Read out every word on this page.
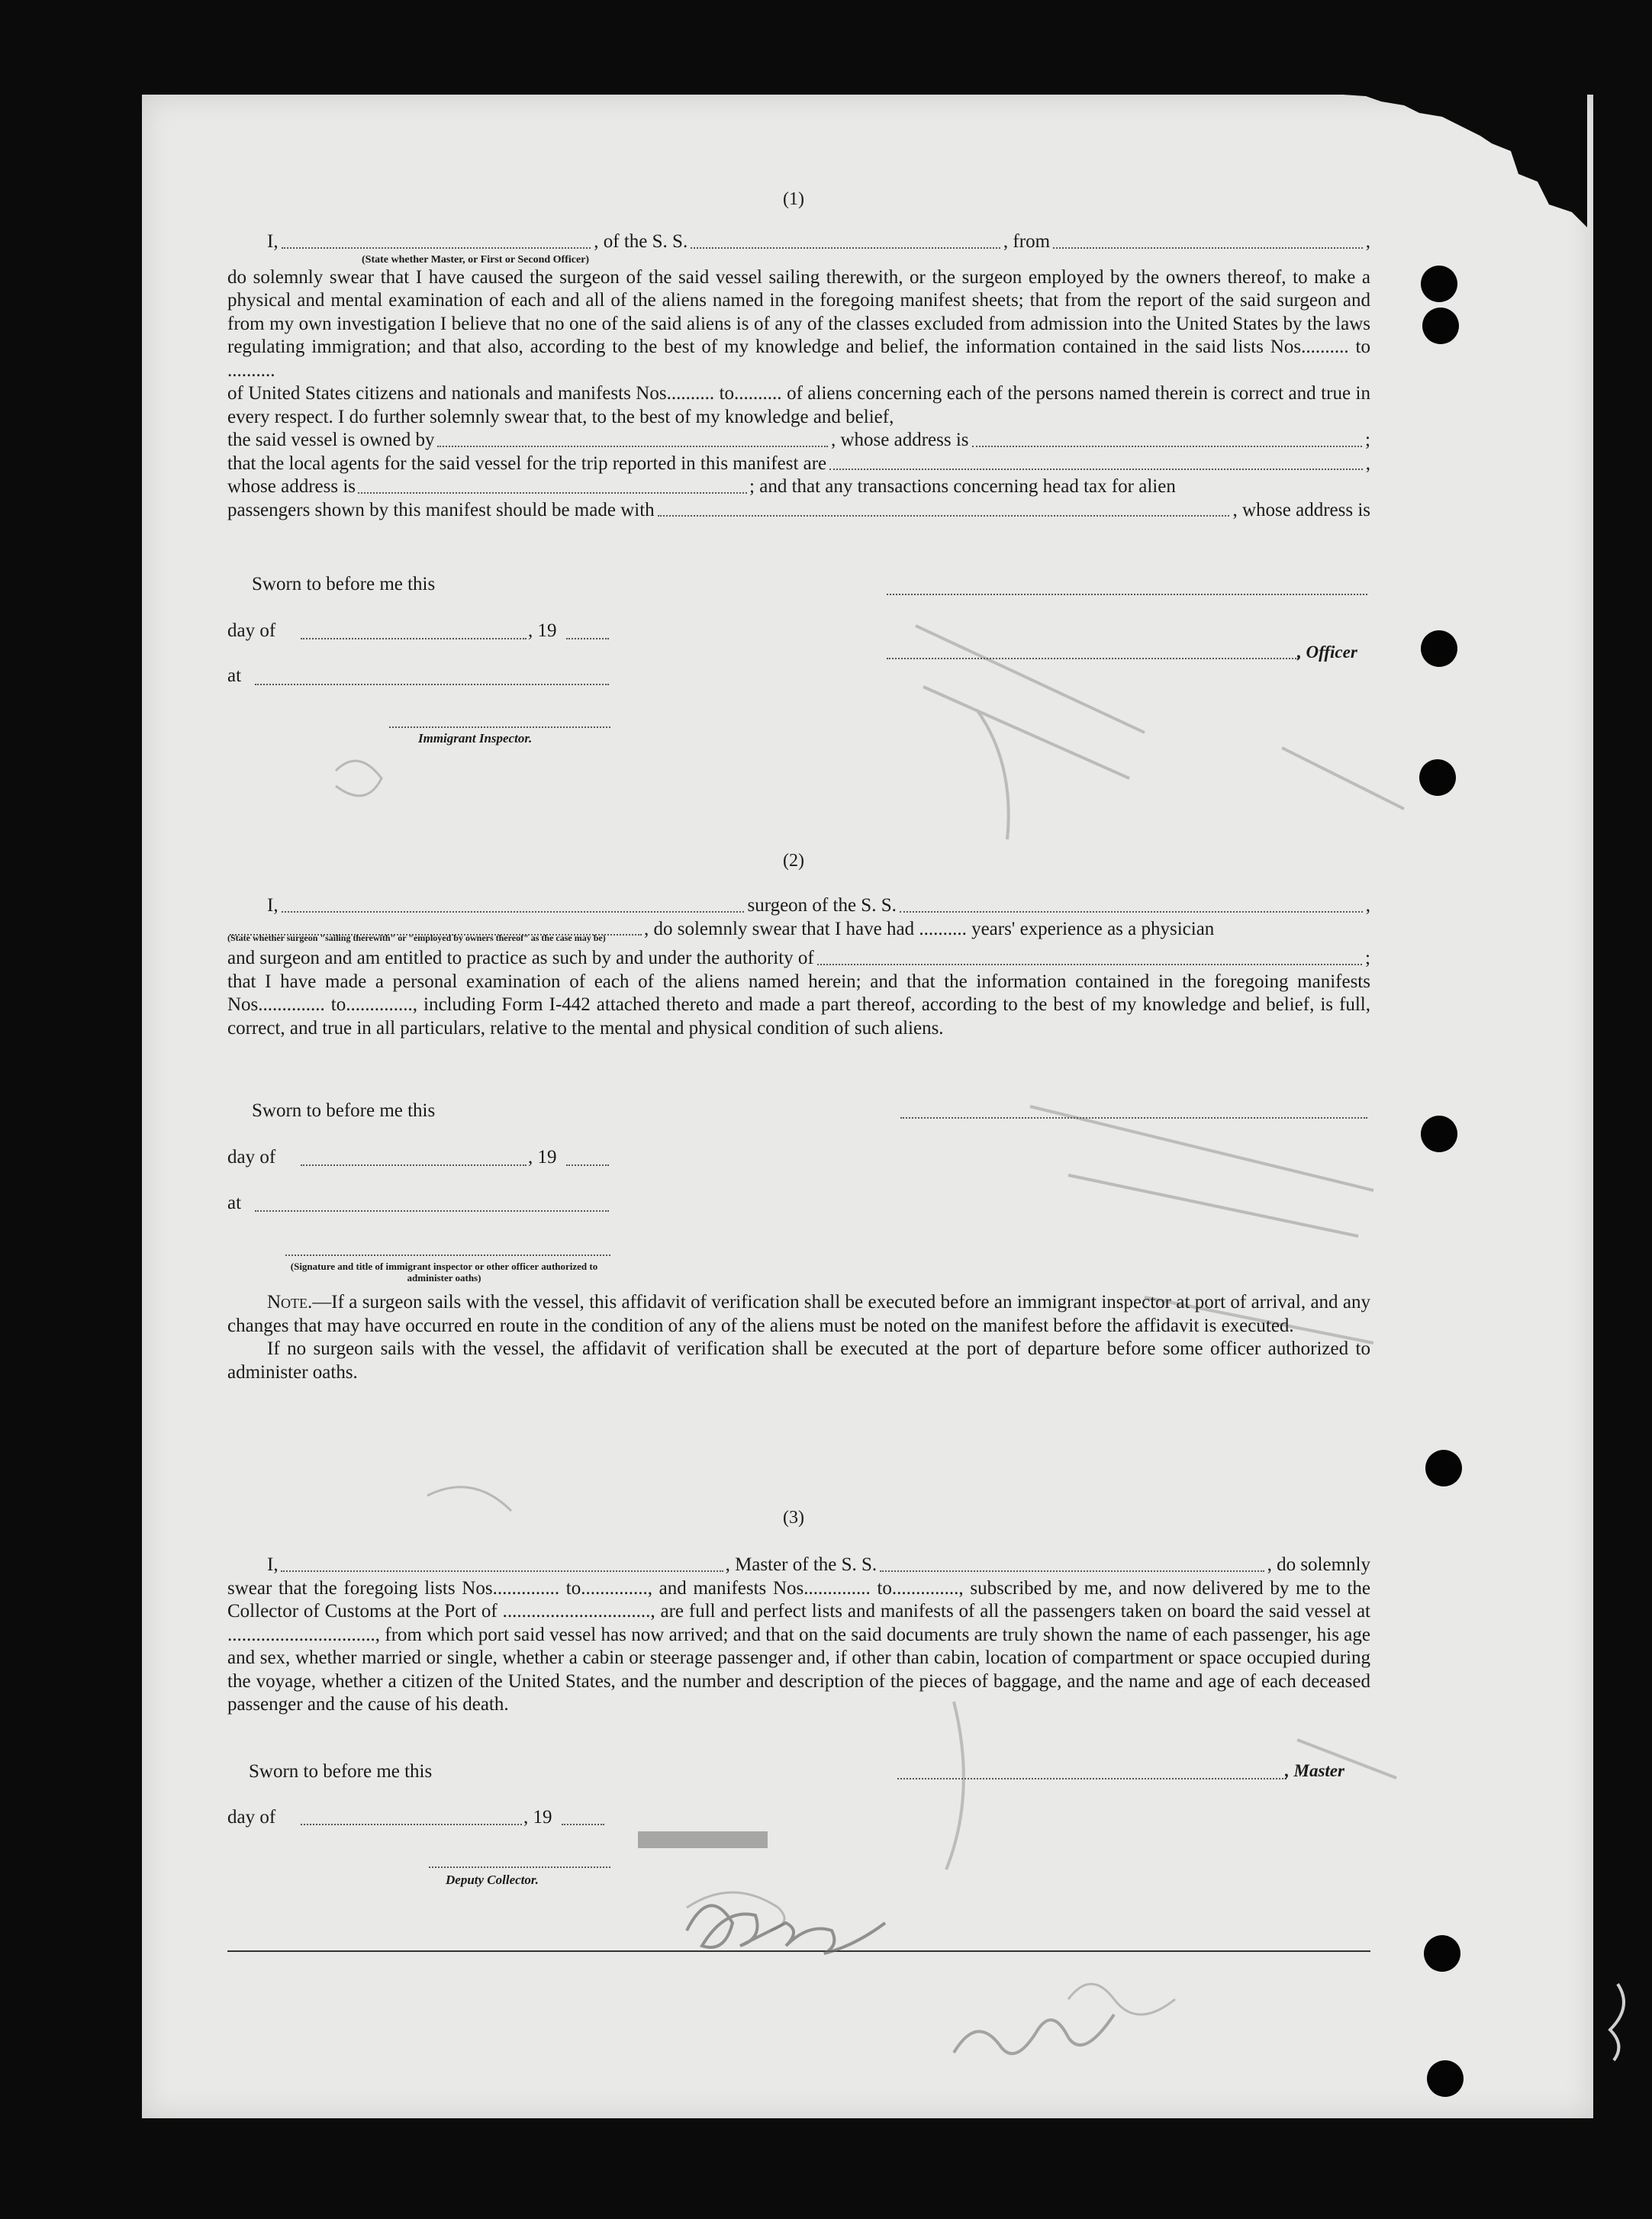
(1)
I,	, of the S. S.	, from	,
(State whether Master, or First or Second Officer)
do solemnly swear that I have caused the surgeon of the said vessel sailing therewith, or the surgeon employed by the owners thereof, to make a physical and mental examination of each and all of the aliens named in the foregoing manifest sheets; that from the report of the said surgeon and from my own investigation I believe that no one of the said aliens is of any of the classes excluded from admission into the United States by the laws regulating immigration; and that also, according to the best of my knowledge and belief, the information contained in the said lists Nos.......... to ..........
of United States citizens and nationals and manifests Nos.......... to.......... of aliens concerning each of the persons named therein is correct and true in every respect. I do further solemnly swear that, to the best of my knowledge and belief,
the said vessel is owned by	, whose address is	;
that the local agents for the said vessel for the trip reported in this manifest are	,
whose address is	; and that any transactions concerning head tax for alien
passengers shown by this manifest should be made with	, whose address is
Sworn to before me this
day of	, 19
, Officer
at
Immigrant Inspector.
(2)
I,	surgeon of the S. S.	,
, do solemnly swear that I have had .......... years' experience as a physician
(State whether surgeon "sailing therewith" or "employed by owners thereof" as the case may be)
and surgeon and am entitled to practice as such by and under the authority of	;
that I have made a personal examination of each of the aliens named herein; and that the information contained in the foregoing manifests Nos.............. to.............., including Form I-442 attached thereto and made a part thereof, according to the best of my knowledge and belief, is full, correct, and true in all particulars, relative to the mental and physical condition of such aliens.
Sworn to before me this
day of	, 19
at
(Signature and title of immigrant inspector or other officer authorized to administer oaths)
Note.—If a surgeon sails with the vessel, this affidavit of verification shall be executed before an immigrant inspector at port of arrival, and any changes that may have occurred en route in the condition of any of the aliens must be noted on the manifest before the affidavit is executed.
If no surgeon sails with the vessel, the affidavit of verification shall be executed at the port of departure before some officer authorized to administer oaths.
(3)
I,	, Master of the S. S.	, do solemnly
swear that the foregoing lists Nos.............. to.............., and manifests Nos.............. to.............., subscribed by me, and now delivered by me to the Collector of Customs at the Port of ..............................., are full and perfect lists and manifests of all the passengers taken on board the said vessel at ..............................., from which port said vessel has now arrived; and that on the said documents are truly shown the name of each passenger, his age and sex, whether married or single, whether a cabin or steerage passenger and, if other than cabin, location of compartment or space occupied during the voyage, whether a citizen of the United States, and the number and description of the pieces of baggage, and the name and age of each deceased passenger and the cause of his death.
Sworn to before me this	, Master
day of	, 19
Deputy Collector.
